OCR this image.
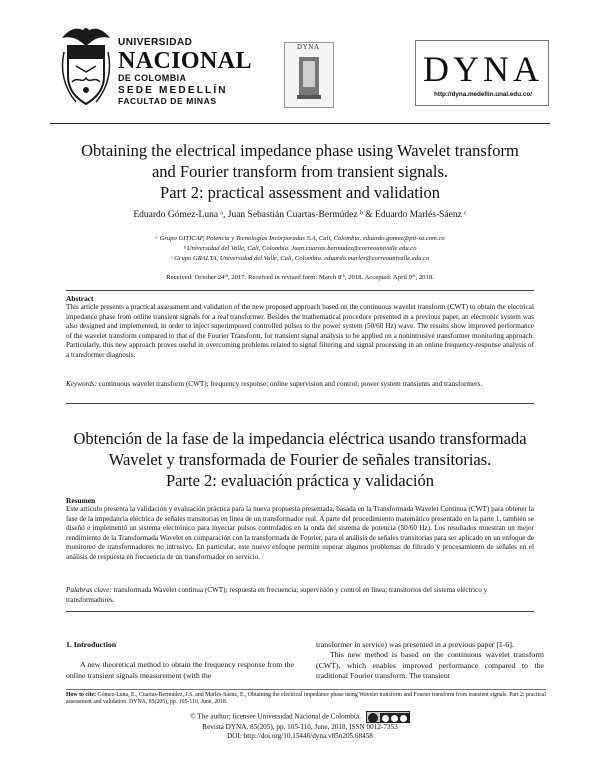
UNIVERSIDAD
NACIONAL
DE COLOMBIA
SEDE MEDELLÍN
FACULTAD DE MINAS
DYNA
DYNA
http://dyna.medellin.unal.edu.co/
Obtaining the electrical impedance phase using Wavelet transform
and Fourier transform from transient signals.
Part 2: practical assessment and validation
Eduardo Gómez-Luna ᵃ, Juan Sebastián Cuartas-Bermúdez ᵇ & Eduardo Marlés-Sáenz ᶜ
ᵃ Grupo GITICAP, Potencia y Tecnologías Incorporadas S.A, Cali, Colombia. eduardo.gomez@pti-sa.com.co
ᵇ Universidad del Valle, Cali, Colombia. Juan.cuartas.bermudez@correounivalle.edu.co
ᶜ Grupo GRALTA, Universidad del Valle, Cali, Colombia. eduardo.marles@correounivalle.edu.co
Received: October 24ᵗʰ, 2017. Received in revised form: March 8ᵗʰ, 2018. Accepted: April 9ᵗʰ, 2018.
Abstract
This article presents a practical assessment and validation of the new proposed approach based on the continuous wavelet transform (CWT) to obtain the electrical impedance phase from online transient signals for a real transformer. Besides the mathematical procedure presented in a previous paper, an electronic system was also designed and implemented, in order to inject superimposed controlled pulses to the power system (50/60 Hz) wave. The results show improved performance of the wavelet transform compared to that of the Fourier Transform, for transient signal analysis to be applied on a nonintrusive transformer monitoring approach. Particularly, this new approach proves useful in overcoming problems related to signal filtering and signal processing in an online frequency-response analysis of a transformer diagnosis.
Keywords: continuous wavelet transform (CWT); frequency response; online supervision and control; power system transients and transformers.
Obtención de la fase de la impedancia eléctrica usando transformada
Wavelet y transformada de Fourier de señales transitorias.
Parte 2: evaluación práctica y validación
Resumen
Este artículo presenta la validación y evaluación práctica para la nueva propuesta presentada, basada en la Transformada Wavelet Continua (CWT) para obtener la fase de la impedancia eléctrica de señales transitorias en línea de un transformador real. A parte del procedimiento matemático presentado en la parte 1, también se diseñó e implementó un sistema electrónico para inyectar pulsos controlados en la onda del sistema de potencia (50/60 Hz). Los resultados muestran un mejor rendimiento de la Transformada Wavelet en comparación con la transformada de Fourier, para el análisis de señales transitorias para ser aplicado en un enfoque de monitoreo de transformadores no intrusivo. En particular, este nuevo enfoque permite superar algunos problemas de filtrado y procesamiento de señales en el análisis de respuesta en frecuencia de un transformador en servicio.
Palabras clave: transformada Wavelet continua (CWT); respuesta en frecuencia; supervisión y control en línea; transitorios del sistema eléctrico y transformadores.
1. Introduction
A new theoretical method to obtain the frequency response from the online transient signals measurement (with the
transformer in service) was presented in a previous paper [1-6].
This new method is based on the continuous wavelet transform (CWT), which enables improved performance compared to the traditional Fourier transform. The transient
How to cite: Gómez-Luna, E., Cuartas-Bermúdez, J.S. and Marlés-Sáenz, E., Obtaining the electrical impedance phase using Wavelet transform and Fourier transform from transient signals. Part 2: practical assessment and validation. DYNA, 85(205), pp. 105-110, June, 2018.
© The author; licensee Universidad Nacional de Colombia.
Revista DYNA, 85(205), pp. 105-110, June, 2018, ISSN 0012-7353
DOI: http://doi.org/10.15446/dyna.v85n205.68458
